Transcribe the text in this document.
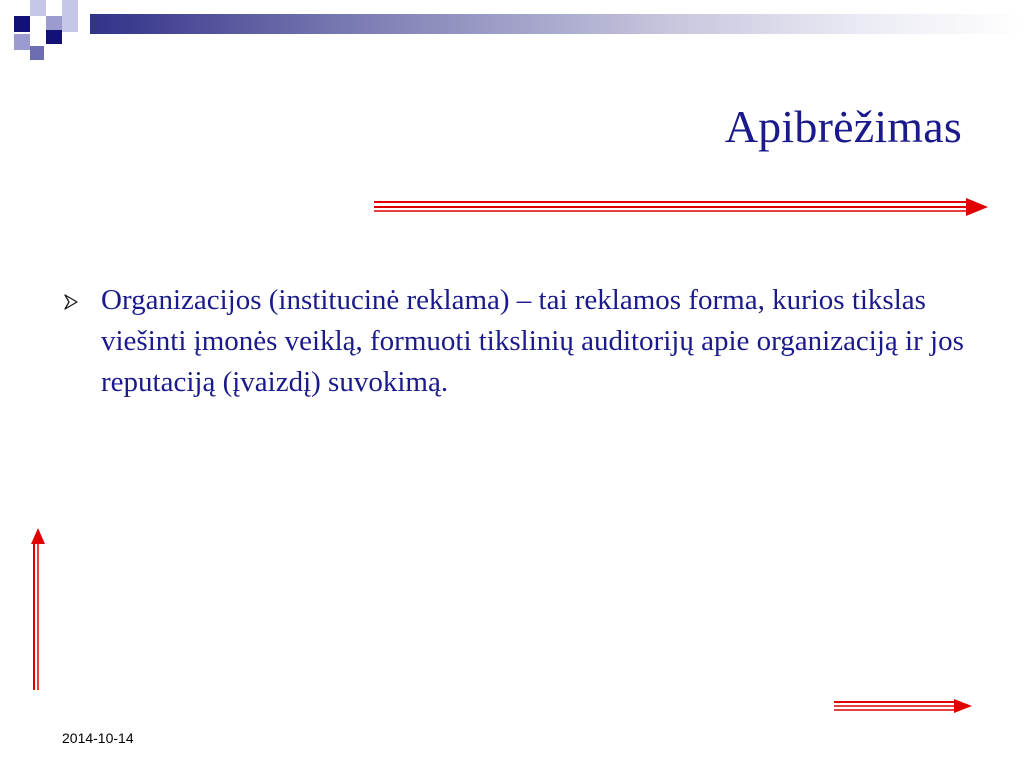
Apibrėžimas
Organizacijos (institucinė reklama) – tai reklamos forma, kurios tikslas viešinti įmonės veiklą, formuoti tikslinių auditorijų apie organizaciją ir jos reputaciją (įvaizdį) suvokimą.
2014-10-14
